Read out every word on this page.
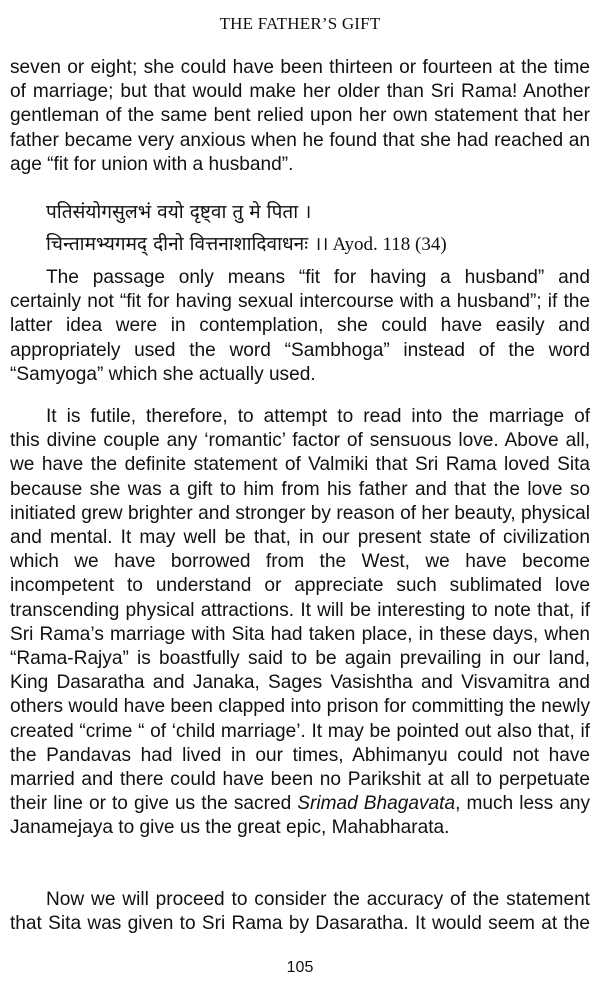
THE FATHER’S GIFT
seven or eight; she could have been thirteen or fourteen at the time
of marriage; but that would make her older than Sri Rama! Another
gentleman of the same bent relied upon her own statement that her
father became very anxious when he found that she had reached an
age “fit for union with a husband”.
पतिसंयोगसुलभं वयो दृष्ट्वा तु मे पिता ।
चिन्तामभ्यगमद् दीनो वित्तनाशादिवाधनः ।। Ayod. 118 (34)
The passage only means “fit for having a husband” and
certainly not “fit for having sexual intercourse with a husband”; if the
latter idea were in contemplation, she could have easily and
appropriately used the word “Sambhoga” instead of the word
“Samyoga” which she actually used.
It is futile, therefore, to attempt to read into the marriage of
this divine couple any ‘romantic’ factor of sensuous love. Above all,
we have the definite statement of Valmiki that Sri Rama loved Sita
because she was a gift to him from his father and that the love so
initiated grew brighter and stronger by reason of her beauty, physical
and mental. It may well be that, in our present state of civilization
which we have borrowed from the West, we have become
incompetent to understand or appreciate such sublimated love
transcending physical attractions. It will be interesting to note that, if
Sri Rama’s marriage with Sita had taken place, in these days, when
“Rama-Rajya” is boastfully said to be again prevailing in our land,
King Dasaratha and Janaka, Sages Vasishtha and Visvamitra and
others would have been clapped into prison for committing the newly
created “crime “ of ‘child marriage’. It may be pointed out also that, if
the Pandavas had lived in our times, Abhimanyu could not have
married and there could have been no Parikshit at all to perpetuate
their line or to give us the sacred Srimad Bhagavata, much less any
Janamejaya to give us the great epic, Mahabharata.
Now we will proceed to consider the accuracy of the statement
that Sita was given to Sri Rama by Dasaratha. It would seem at the
105
